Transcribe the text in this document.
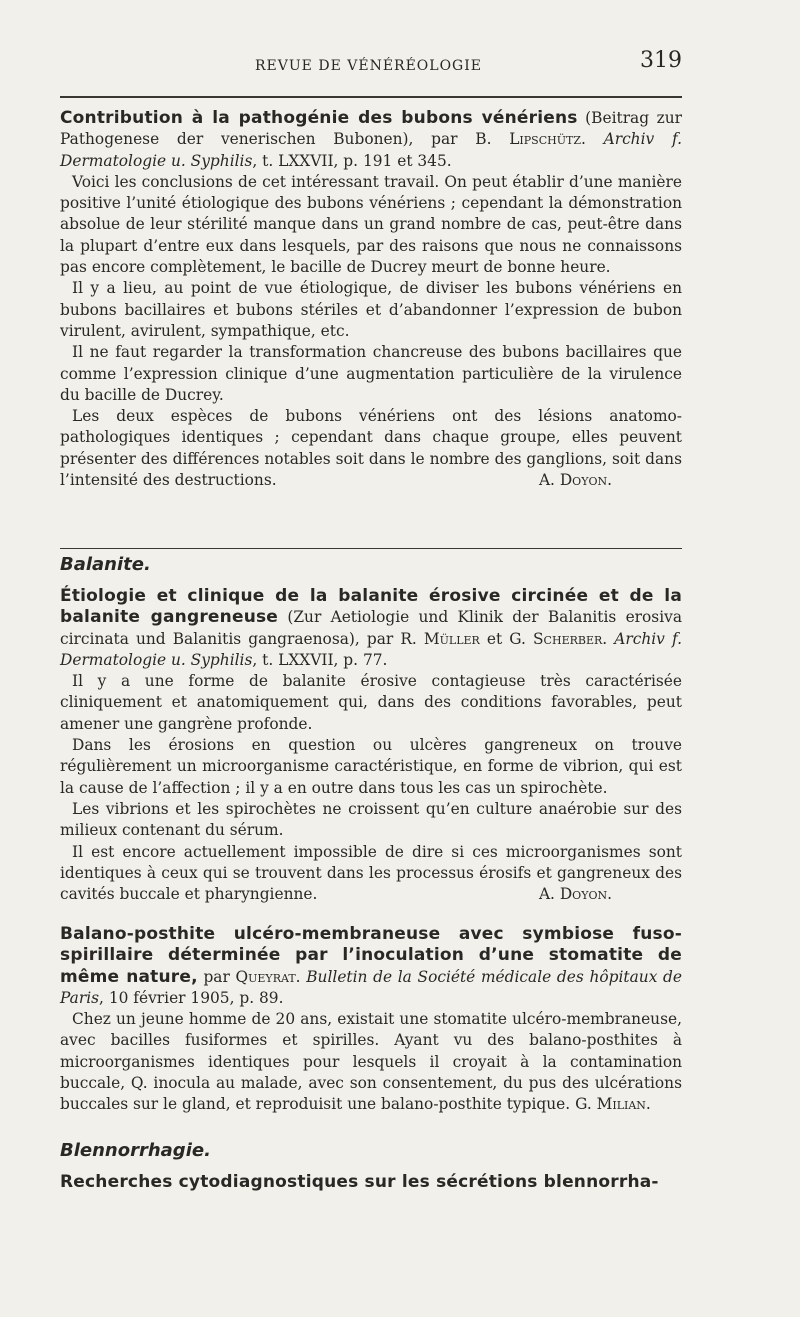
REVUE DE VÉNÉRÉOLOGIE	319

Contribution à la pathogénie des bubons vénériens (Beitrag zur Pathogenese der venerischen Bubonen), par B. Lipschütz. Archiv f. Dermatologie u. Syphilis, t. LXXVII, p. 191 et 345.

Voici les conclusions de cet intéressant travail. On peut établir d’une manière positive l’unité étiologique des bubons vénériens ; cependant la démonstration absolue de leur stérilité manque dans un grand nombre de cas, peut-être dans la plupart d’entre eux dans lesquels, par des raisons que nous ne connaissons pas encore complètement, le bacille de Ducrey meurt de bonne heure.

Il y a lieu, au point de vue étiologique, de diviser les bubons vénériens en bubons bacillaires et bubons stériles et d’abandonner l’expression de bubon virulent, avirulent, sympathique, etc.

Il ne faut regarder la transformation chancreuse des bubons bacillaires que comme l’expression clinique d’une augmentation particulière de la virulence du bacille de Ducrey.

Les deux espèces de bubons vénériens ont des lésions anatomo-pathologiques identiques ; cependant dans chaque groupe, elles peuvent présenter des différences notables soit dans le nombre des ganglions, soit dans l’intensité des destructions.	A. Doyon.

Balanite.

Étiologie et clinique de la balanite érosive circinée et de la balanite gangreneuse (Zur Aetiologie und Klinik der Balanitis erosiva circinata und Balanitis gangraenosa), par R. Müller et G. Scherber. Archiv f. Dermatologie u. Syphilis, t. LXXVII, p. 77.

Il y a une forme de balanite érosive contagieuse très caractérisée cliniquement et anatomiquement qui, dans des conditions favorables, peut amener une gangrène profonde.

Dans les érosions en question ou ulcères gangreneux on trouve régulièrement un microorganisme caractéristique, en forme de vibrion, qui est la cause de l’affection ; il y a en outre dans tous les cas un spirochète.

Les vibrions et les spirochètes ne croissent qu’en culture anaérobie sur des milieux contenant du sérum.

Il est encore actuellement impossible de dire si ces microorganismes sont identiques à ceux qui se trouvent dans les processus érosifs et gangreneux des cavités buccale et pharyngienne.	A. Doyon.

Balano-posthite ulcéro-membraneuse avec symbiose fuso-spirillaire déterminée par l’inoculation d’une stomatite de même nature, par Queyrat. Bulletin de la Société médicale des hôpitaux de Paris, 10 février 1905, p. 89.

Chez un jeune homme de 20 ans, existait une stomatite ulcéro-membraneuse, avec bacilles fusiformes et spirilles. Ayant vu des balano-posthites à microorganismes identiques pour lesquels il croyait à la contamination buccale, Q. inocula au malade, avec son consentement, du pus des ulcérations buccales sur le gland, et reproduisit une balano-posthite typique. G. Milian.

Blennorrhagie.

Recherches cytodiagnostiques sur les sécrétions blennorrha-
